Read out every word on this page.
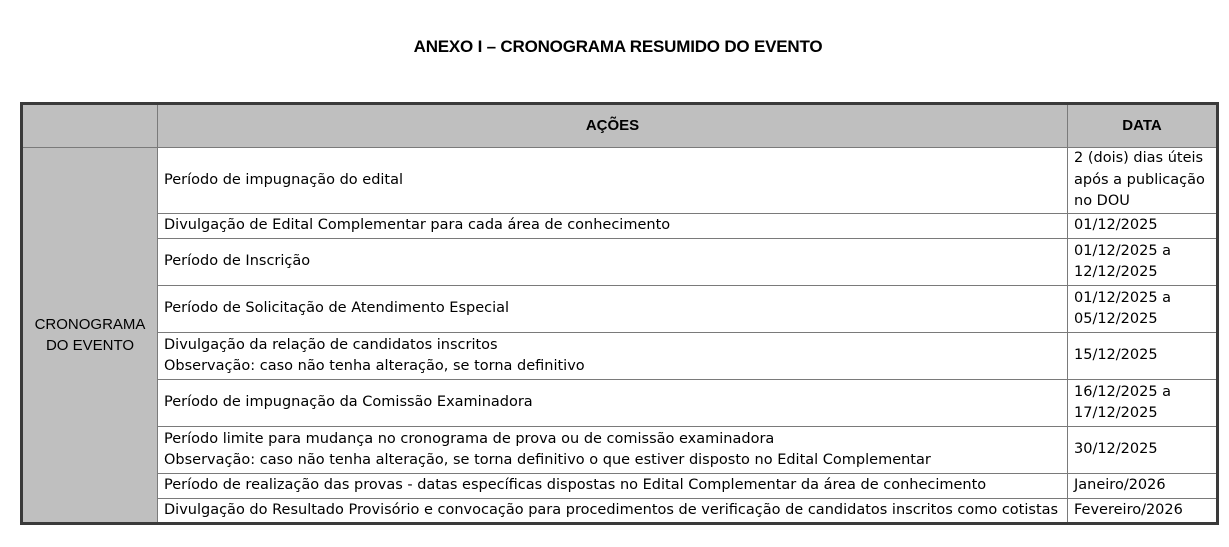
ANEXO I – CRONOGRAMA RESUMIDO DO EVENTO
	AÇÕES	DATA

CRONOGRAMA
DO EVENTO	Período de impugnação do edital	2 (dois) dias úteis
após a publicação
no DOU

	Divulgação de Edital Complementar para cada área de conhecimento	01/12/2025

	Período de Inscrição	01/12/2025 a
12/12/2025

	Período de Solicitação de Atendimento Especial	01/12/2025 a
05/12/2025

	Divulgação da relação de candidatos inscritos
Observação: caso não tenha alteração, se torna definitivo	15/12/2025

	Período de impugnação da Comissão Examinadora	16/12/2025 a
17/12/2025

	Período limite para mudança no cronograma de prova ou de comissão examinadora
Observação: caso não tenha alteração, se torna definitivo o que estiver disposto no Edital Complementar	30/12/2025

	Período de realização das provas - datas específicas dispostas no Edital Complementar da área de conhecimento	Janeiro/2026

	Divulgação do Resultado Provisório e convocação para procedimentos de verificação de candidatos inscritos como cotistas	Fevereiro/2026
